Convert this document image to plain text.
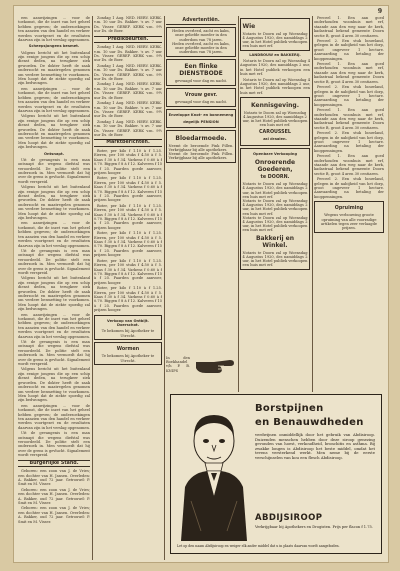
9

een aanwijzingen ... voor de toekomst, die de inzet van het geheel hebben gegeven; de onderzoekingen ten aanzien van den handel en verkeer werden voortgezet en de resultaten daarvan zijn in het verslag opgenomen.

Scheepsjongens besmet.

Volgens bericht uit het buitenland zijn eenige jongens die op een schip dienst deden, na terugkeer ziek geworden. De dokter heeft de zaak onderzocht en maatregelen genomen om verdere besmetting te voorkomen. Men hoopt dat de ziekte spoedig zal zijn bedwongen.

een aanwijzingen ... voor de toekomst, die de inzet van het geheel hebben gegeven; de onderzoekingen ten aanzien van den handel en verkeer werden voortgezet en de resultaten daarvan zijn in het verslag opgenomen.

Volgens bericht uit het buitenland zijn eenige jongens die op een schip dienst deden, na terugkeer ziek geworden. De dokter heeft de zaak onderzocht en maatregelen genomen om verdere besmetting te voorkomen. Men hoopt dat de ziekte spoedig zal zijn bedwongen.

Ontsnapt.

Uit de gevangenis is een man ontsnapt die wegens diefstal was veroordeeld. De politie stelt een onderzoek in. Men vermoedt dat hij over de grens is gevlucht. Signalement wordt verspreid.

Volgens bericht uit het buitenland zijn eenige jongens die op een schip dienst deden, na terugkeer ziek geworden. De dokter heeft de zaak onderzocht en maatregelen genomen om verdere besmetting te voorkomen. Men hoopt dat de ziekte spoedig zal zijn bedwongen.

een aanwijzingen ... voor de toekomst, die de inzet van het geheel hebben gegeven; de onderzoekingen ten aanzien van den handel en verkeer werden voortgezet en de resultaten daarvan zijn in het verslag opgenomen.

Uit de gevangenis is een man ontsnapt die wegens diefstal was veroordeeld. De politie stelt een onderzoek in. Men vermoedt dat hij over de grens is gevlucht. Signalement wordt verspreid.

Volgens bericht uit het buitenland zijn eenige jongens die op een schip dienst deden, na terugkeer ziek geworden. De dokter heeft de zaak onderzocht en maatregelen genomen om verdere besmetting te voorkomen. Men hoopt dat de ziekte spoedig zal zijn bedwongen.

een aanwijzingen ... voor de toekomst, die de inzet van het geheel hebben gegeven; de onderzoekingen ten aanzien van den handel en verkeer werden voortgezet en de resultaten daarvan zijn in het verslag opgenomen.

Uit de gevangenis is een man ontsnapt die wegens diefstal was veroordeeld. De politie stelt een onderzoek in. Men vermoedt dat hij over de grens is gevlucht. Signalement wordt verspreid.

Volgens bericht uit het buitenland zijn eenige jongens die op een schip dienst deden, na terugkeer ziek geworden. De dokter heeft de zaak onderzocht en maatregelen genomen om verdere besmetting te voorkomen. Men hoopt dat de ziekte spoedig zal zijn bedwongen.

een aanwijzingen ... voor de toekomst, die de inzet van het geheel hebben gegeven; de onderzoekingen ten aanzien van den handel en verkeer werden voortgezet en de resultaten daarvan zijn in het verslag opgenomen.

Uit de gevangenis is een man ontsnapt die wegens diefstal was veroordeeld. De politie stelt een onderzoek in. Men vermoedt dat hij over de grens is gevlucht. Signalement wordt verspreid.

Burgerlijke Stand.

Geboren: een zoon van J. de Vries; een dochter van H. Jansen. Overleden: A. Bakker, oud 72 jaar. Getrouwd: P. Smit en M. Visser.

Geboren: een zoon van J. de Vries; een dochter van H. Jansen. Overleden: A. Bakker, oud 72 jaar. Getrouwd: P. Smit en M. Visser.

Geboren: een zoon van J. de Vries; een dochter van H. Jansen. Overleden: A. Bakker, oud 72 jaar. Getrouwd: P. Smit en M. Visser.

Zondag 1 Aug. NED. HERV. KERK. v.m. 10 uur Ds. Bakker. 's av. 7 uur Ds. Visser. GEREF. KERK v.m. 9½ uur Ds. de Boer.

Predikbeurten.

Zondag 1 Aug. NED. HERV. KERK. v.m. 10 uur Ds. Bakker. 's av. 7 uur Ds. Visser. GEREF. KERK v.m. 9½ uur Ds. de Boer.

Zondag 1 Aug. NED. HERV. KERK. v.m. 10 uur Ds. Bakker. 's av. 7 uur Ds. Visser. GEREF. KERK v.m. 9½ uur Ds. de Boer.

Zondag 1 Aug. NED. HERV. KERK. v.m. 10 uur Ds. Bakker. 's av. 7 uur Ds. Visser. GEREF. KERK v.m. 9½ uur Ds. de Boer.

Zondag 1 Aug. NED. HERV. KERK. v.m. 10 uur Ds. Bakker. 's av. 7 uur Ds. Visser. GEREF. KERK v.m. 9½ uur Ds. de Boer.

Zondag 1 Aug. NED. HERV. KERK. v.m. 10 uur Ds. Bakker. 's av. 7 uur Ds. Visser. GEREF. KERK v.m. 9½ uur Ds. de Boer.

Marktberichten.

Boter, per kilo f 1.10 à f 1.25. Eieren, per 100 stuks f 4.50 à f 5. Kaas f 30 à f 34. Varkens f 0.60 à f 0.70. Biggen f 8 à f 12. Kalveren f 15 à f 25. Paarden goede aanvoer, prijzen hooger.

Boter, per kilo f 1.10 à f 1.25. Eieren, per 100 stuks f 4.50 à f 5. Kaas f 30 à f 34. Varkens f 0.60 à f 0.70. Biggen f 8 à f 12. Kalveren f 15 à f 25. Paarden goede aanvoer, prijzen hooger.

Boter, per kilo f 1.10 à f 1.25. Eieren, per 100 stuks f 4.50 à f 5. Kaas f 30 à f 34. Varkens f 0.60 à f 0.70. Biggen f 8 à f 12. Kalveren f 15 à f 25. Paarden goede aanvoer, prijzen hooger.

Boter, per kilo f 1.10 à f 1.25. Eieren, per 100 stuks f 4.50 à f 5. Kaas f 30 à f 34. Varkens f 0.60 à f 0.70. Biggen f 8 à f 12. Kalveren f 15 à f 25. Paarden goede aanvoer, prijzen hooger.

Boter, per kilo f 1.10 à f 1.25. Eieren, per 100 stuks f 4.50 à f 5. Kaas f 30 à f 34. Varkens f 0.60 à f 0.70. Biggen f 8 à f 12. Kalveren f 15 à f 25. Paarden goede aanvoer, prijzen hooger.

Boter, per kilo f 1.10 à f 1.25. Eieren, per 100 stuks f 4.50 à f 5. Kaas f 30 à f 34. Varkens f 0.60 à f 0.70. Biggen f 8 à f 12. Kalveren f 15 à f 25. Paarden goede aanvoer, prijzen hooger.

Verkoop van Ontbijt. Doerschot.
Te bekomen bij Apotheker te Utrecht.
Wormen
Te bekomen bij Apotheker te Utrecht.
Advertentiën.
Heden overleed, zacht en kalm, onze geliefde moeder in den ouderdom van 78 jaren.
Heden overleed, zacht en kalm, onze geliefde moeder in den ouderdom van 78 jaren.
Een flinke DIENSTBODE
gevraagd voor dag en nacht.
Vrouw gevr.
gevraagd voor dag en nacht.
Enveloppe Knot- en bonnemeng
degelijk PENSION
Bloedarmoede.
Neemt de beroemde Pink Pillen. Verkrijgbaar bij alle apothekers.
Neemt de beroemde Pink Pillen. Verkrijgbaar bij alle apothekers.
Wie
Notaris te Doorn zal op Woensdag 4 Augustus 1920, des namiddags 2 uur, in het Hotel publiek verkoopen een huis met erf.
LANDBOUW en BAKKERIJ.

Notaris te Doorn zal op Woensdag 4 Augustus 1920, des namiddags 2 uur, in het Hotel publiek verkoopen een huis met erf.

Notaris te Doorn zal op Woensdag 4 Augustus 1920, des namiddags 2 uur, in het Hotel publiek verkoopen een huis met erf.

Kennisgeving.
Notaris te Doorn zal op Woensdag 4 Augustus 1920, des namiddags 2 uur, in het Hotel publiek verkoopen een huis met erf.
CAROUSSEL
zal draaien.
Openbare Verkooping
Onroerende Goederen,
te DOORN.
Notaris te Doorn zal op Woensdag 4 Augustus 1920, des namiddags 2 uur, in het Hotel publiek verkoopen een huis met erf.
Notaris te Doorn zal op Woensdag 4 Augustus 1920, des namiddags 2 uur, in het Hotel publiek verkoopen een huis met erf.
Notaris te Doorn zal op Woensdag 4 Augustus 1920, des namiddags 2 uur, in het Hotel publiek verkoopen een huis met erf.
Bakkerij en Winkel.
Notaris te Doorn zal op Woensdag 4 Augustus 1920, des namiddags 2 uur, in het Hotel publiek verkoopen een huis met erf.

Perceel 1. Een aan goed onderhouden woonhuis met erf, staande aan den weg naar de kerk, kadastraal bekend gemeente Doorn sectie B, groot 4 aren 30 centiaren.

Perceel 2. Een stuk bouwland, gelegen in de nabijheid van het dorp, groot ongeveer 1 hectare. Aanvaarding na betaling der kooppenningen.

Perceel 1. Een aan goed onderhouden woonhuis met erf, staande aan den weg naar de kerk, kadastraal bekend gemeente Doorn sectie B, groot 4 aren 30 centiaren.

Perceel 2. Een stuk bouwland, gelegen in de nabijheid van het dorp, groot ongeveer 1 hectare. Aanvaarding na betaling der kooppenningen.

Perceel 1. Een aan goed onderhouden woonhuis met erf, staande aan den weg naar de kerk, kadastraal bekend gemeente Doorn sectie B, groot 4 aren 30 centiaren.

Perceel 2. Een stuk bouwland, gelegen in de nabijheid van het dorp, groot ongeveer 1 hectare. Aanvaarding na betaling der kooppenningen.

Perceel 1. Een aan goed onderhouden woonhuis met erf, staande aan den weg naar de kerk, kadastraal bekend gemeente Doorn sectie B, groot 4 aren 30 centiaren.

Perceel 2. Een stuk bouwland, gelegen in de nabijheid van het dorp, groot ongeveer 1 hectare. Aanvaarding na betaling der kooppenningen.

Opruiming
Wegens verbouwing groote opruiming van alle voorradige artikelen tegen zeer verlaagde prijzen.
In den Boekhandel v/h P. B. KNIPS
Borstpijnen
en Benauwdheden
verdwijnen onmiddellijk door het gebruik van Abdisiroop. Duizenden menschen hebben door deze siroop genezing gevonden van hoest, verkoudheid, bronchitis en asthma. Bij zwakke longen is Abdisiroop het beste middel, omdat het tevens versterkend werkt. Men neme bij de eerste verschijnselen van kou een flesch Abdisiroop.
ABDIJSIROOP
Verkrijgbaar bij Apothekers en Drogisten. Prijs per flacon f 1.75.
Let op den naam Abdijsiroop en weiger elk ander middel dat u in plaats daarvan wordt aangeboden.
